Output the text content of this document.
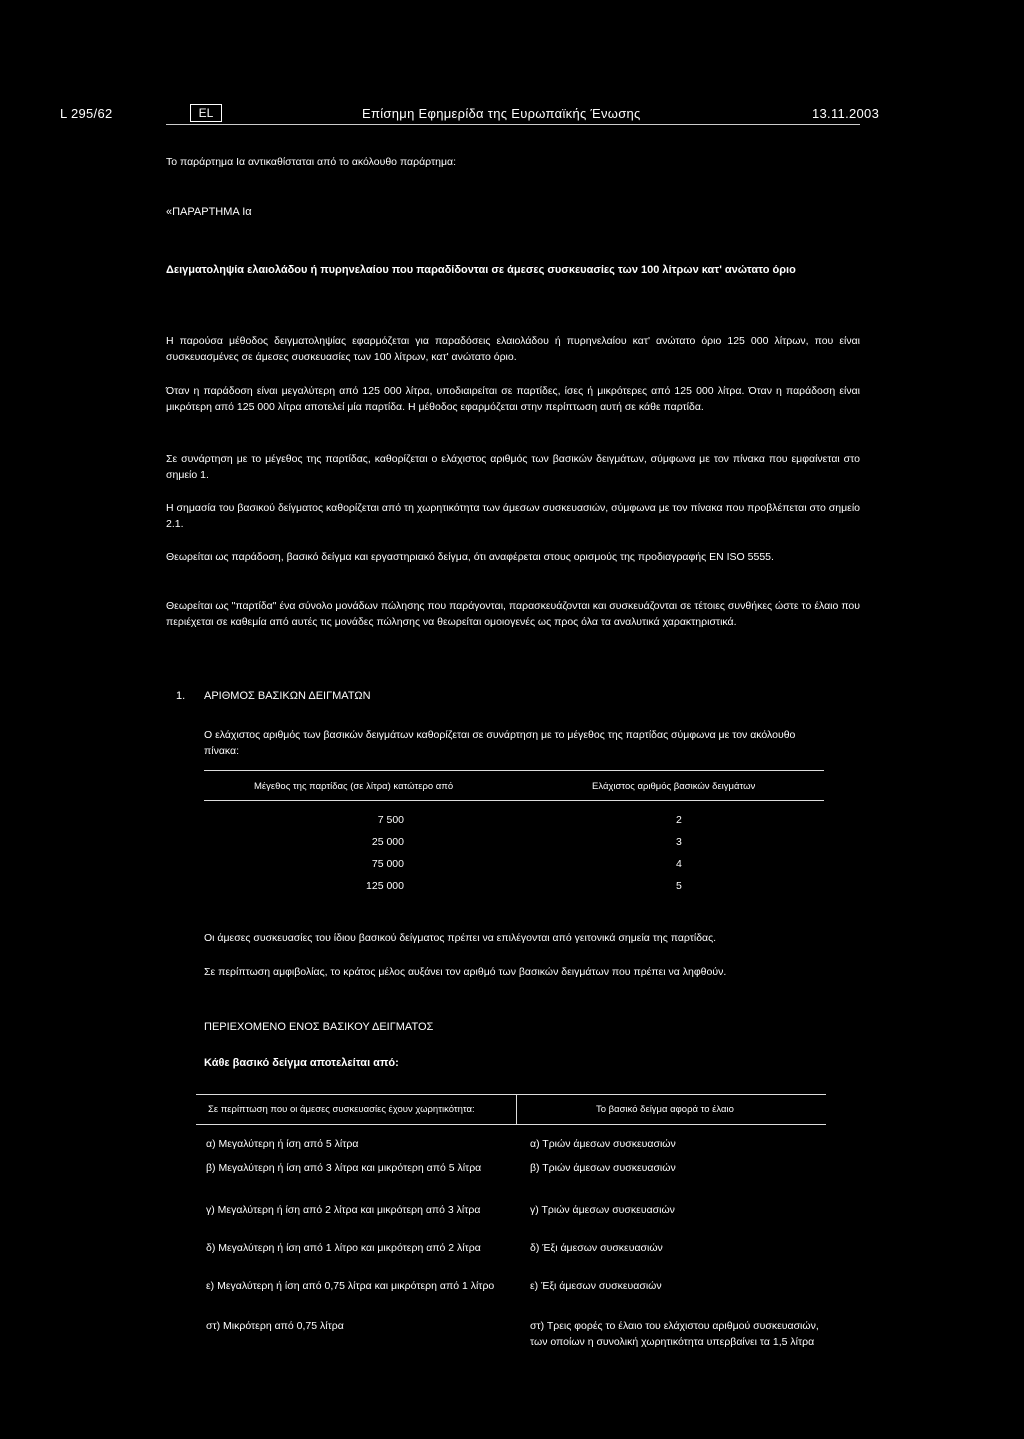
L 295/62	EL	Επίσημη Εφημερίδα της Ευρωπαϊκής Ένωσης	13.11.2003
Το παράρτημα Ια αντικαθίσταται από το ακόλουθο παράρτημα:
«ΠΑΡΑΡΤΗΜΑ Ια
Δειγματοληψία ελαιολάδου ή πυρηνελαίου που παραδίδονται σε άμεσες συσκευασίες των 100 λίτρων κατ' ανώτατο όριο
Η παρούσα μέθοδος δειγματοληψίας εφαρμόζεται για παραδόσεις ελαιολάδου ή πυρηνελαίου κατ' ανώτατο όριο 125 000 λίτρων, που είναι συσκευασμένες σε άμεσες συσκευασίες των 100 λίτρων, κατ' ανώτατο όριο.
Όταν η παράδοση είναι μεγαλύτερη από 125 000 λίτρα, υποδιαιρείται σε παρτίδες, ίσες ή μικρότερες από 125 000 λίτρα. Όταν η παράδοση είναι μικρότερη από 125 000 λίτρα αποτελεί μία παρτίδα. Η μέθοδος εφαρμόζεται στην περίπτωση αυτή σε κάθε παρτίδα.
Σε συνάρτηση με το μέγεθος της παρτίδας, καθορίζεται ο ελάχιστος αριθμός των βασικών δειγμάτων, σύμφωνα με τον πίνακα που εμφαίνεται στο σημείο 1.
Η σημασία του βασικού δείγματος καθορίζεται από τη χωρητικότητα των άμεσων συσκευασιών, σύμφωνα με τον πίνακα που προβλέπεται στο σημείο 2.1.
Θεωρείται ως παράδοση, βασικό δείγμα και εργαστηριακό δείγμα, ότι αναφέρεται στους ορισμούς της προδιαγραφής EN ISO 5555.
Θεωρείται ως "παρτίδα" ένα σύνολο μονάδων πώλησης που παράγονται, παρασκευάζονται και συσκευάζονται σε τέτοιες συνθήκες ώστε το έλαιο που περιέχεται σε καθεμία από αυτές τις μονάδες πώλησης να θεωρείται ομοιογενές ως προς όλα τα αναλυτικά χαρακτηριστικά.
1. ΑΡΙΘΜΟΣ ΒΑΣΙΚΩΝ ΔΕΙΓΜΑΤΩΝ
Ο ελάχιστος αριθμός των βασικών δειγμάτων καθορίζεται σε συνάρτηση με το μέγεθος της παρτίδας σύμφωνα με τον ακόλουθο πίνακα:
Μέγεθος της παρτίδας (σε λίτρα) κατώτερο από	Ελάχιστος αριθμός βασικών δειγμάτων
7 500	2
25 000	3
75 000	4
125 000	5
Οι άμεσες συσκευασίες του ίδιου βασικού δείγματος πρέπει να επιλέγονται από γειτονικά σημεία της παρτίδας.
Σε περίπτωση αμφιβολίας, το κράτος μέλος αυξάνει τον αριθμό των βασικών δειγμάτων που πρέπει να ληφθούν.
ΠΕΡΙΕΧΟΜΕΝΟ ΕΝΟΣ ΒΑΣΙΚΟΥ ΔΕΙΓΜΑΤΟΣ
Κάθε βασικό δείγμα αποτελείται από:
Σε περίπτωση που οι άμεσες συσκευασίες έχουν χωρητικότητα:	Το βασικό δείγμα αφορά το έλαιο
α) Μεγαλύτερη ή ίση από 5 λίτρα	α) Τριών άμεσων συσκευασιών
β) Μεγαλύτερη ή ίση από 3 λίτρα και μικρότερη από 5 λίτρα	β) Τριών άμεσων συσκευασιών
γ) Μεγαλύτερη ή ίση από 2 λίτρα και μικρότερη από 3 λίτρα	γ) Τριών άμεσων συσκευασιών
δ) Μεγαλύτερη ή ίση από 1 λίτρο και μικρότερη από 2 λίτρα	δ) Έξι άμεσων συσκευασιών
ε) Μεγαλύτερη ή ίση από 0,75 λίτρα και μικρότερη από 1 λίτρο	ε) Έξι άμεσων συσκευασιών
στ) Μικρότερη από 0,75 λίτρα	στ) Τρεις φορές το έλαιο του ελάχιστου αριθμού συσκευασιών, των οποίων η συνολική χωρητικότητα υπερβαίνει τα 1,5 λίτρα
